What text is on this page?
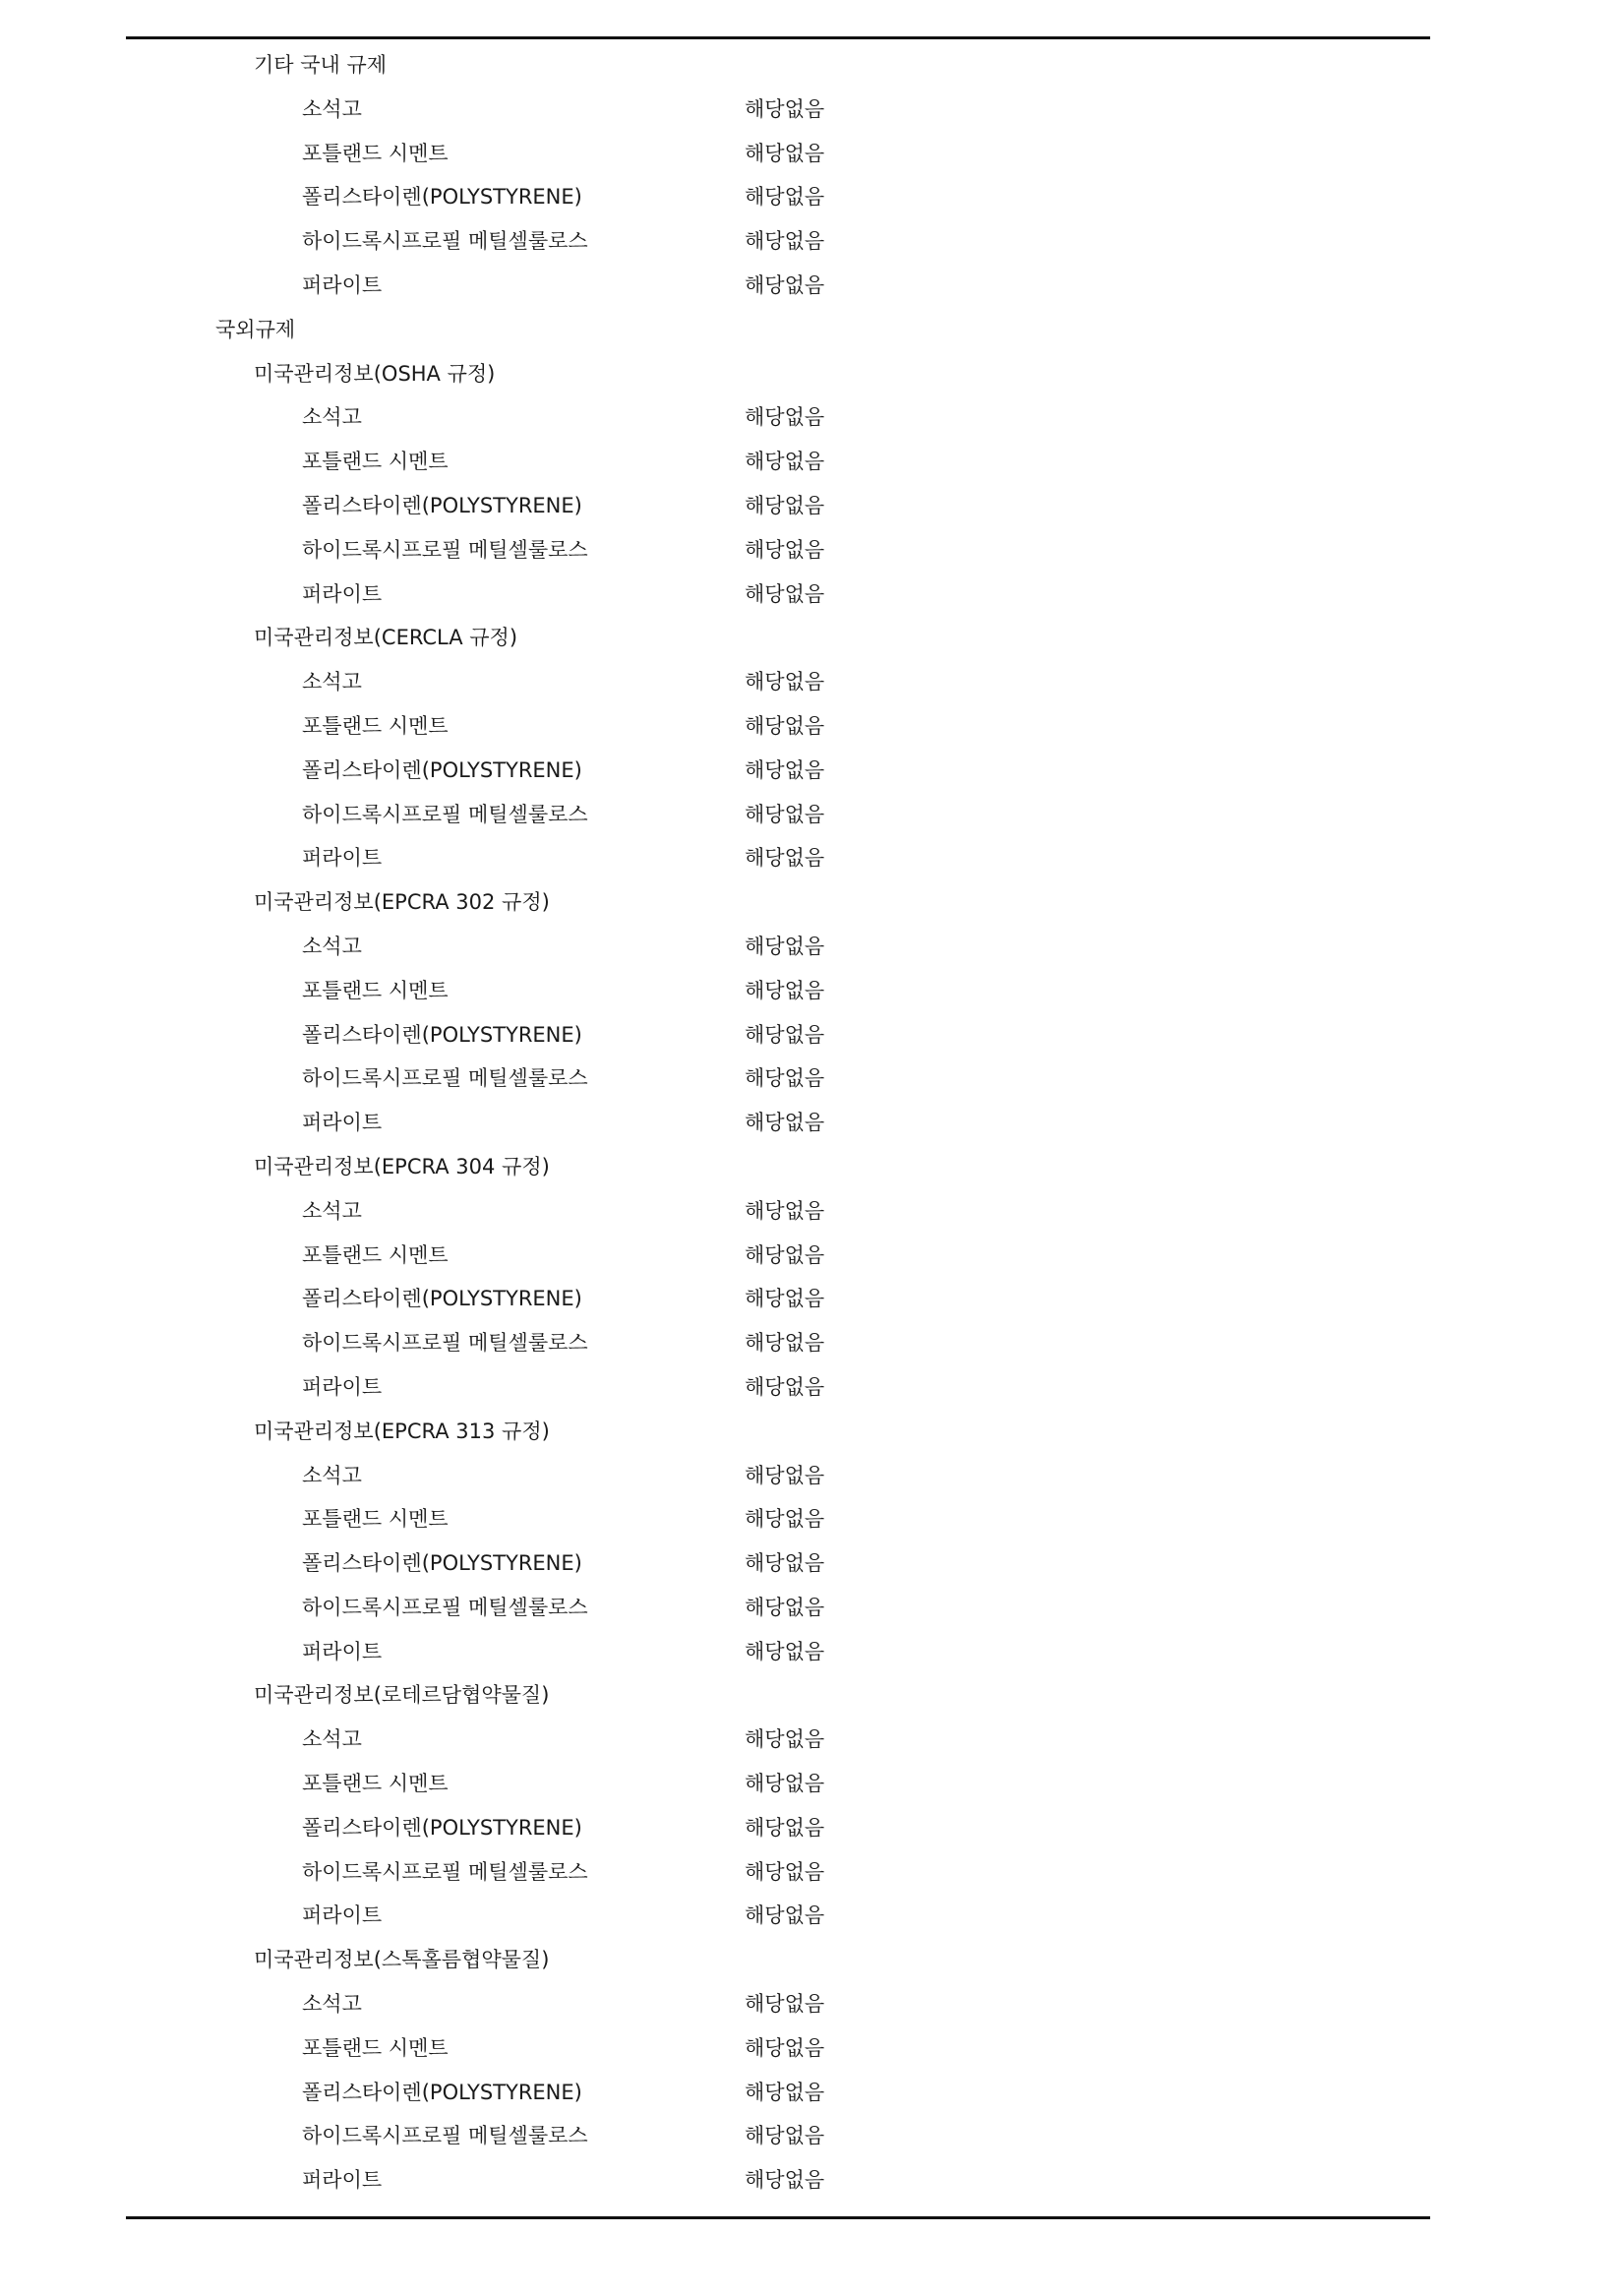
기타 국내 규제
소석고	해당없음
포틀랜드 시멘트	해당없음
폴리스타이렌(POLYSTYRENE)	해당없음
하이드록시프로필 메틸셀룰로스	해당없음
퍼라이트	해당없음
국외규제
미국관리정보(OSHA 규정)
소석고	해당없음
포틀랜드 시멘트	해당없음
폴리스타이렌(POLYSTYRENE)	해당없음
하이드록시프로필 메틸셀룰로스	해당없음
퍼라이트	해당없음
미국관리정보(CERCLA 규정)
소석고	해당없음
포틀랜드 시멘트	해당없음
폴리스타이렌(POLYSTYRENE)	해당없음
하이드록시프로필 메틸셀룰로스	해당없음
퍼라이트	해당없음
미국관리정보(EPCRA 302 규정)
소석고	해당없음
포틀랜드 시멘트	해당없음
폴리스타이렌(POLYSTYRENE)	해당없음
하이드록시프로필 메틸셀룰로스	해당없음
퍼라이트	해당없음
미국관리정보(EPCRA 304 규정)
소석고	해당없음
포틀랜드 시멘트	해당없음
폴리스타이렌(POLYSTYRENE)	해당없음
하이드록시프로필 메틸셀룰로스	해당없음
퍼라이트	해당없음
미국관리정보(EPCRA 313 규정)
소석고	해당없음
포틀랜드 시멘트	해당없음
폴리스타이렌(POLYSTYRENE)	해당없음
하이드록시프로필 메틸셀룰로스	해당없음
퍼라이트	해당없음
미국관리정보(로테르담협약물질)
소석고	해당없음
포틀랜드 시멘트	해당없음
폴리스타이렌(POLYSTYRENE)	해당없음
하이드록시프로필 메틸셀룰로스	해당없음
퍼라이트	해당없음
미국관리정보(스톡홀름협약물질)
소석고	해당없음
포틀랜드 시멘트	해당없음
폴리스타이렌(POLYSTYRENE)	해당없음
하이드록시프로필 메틸셀룰로스	해당없음
퍼라이트	해당없음
